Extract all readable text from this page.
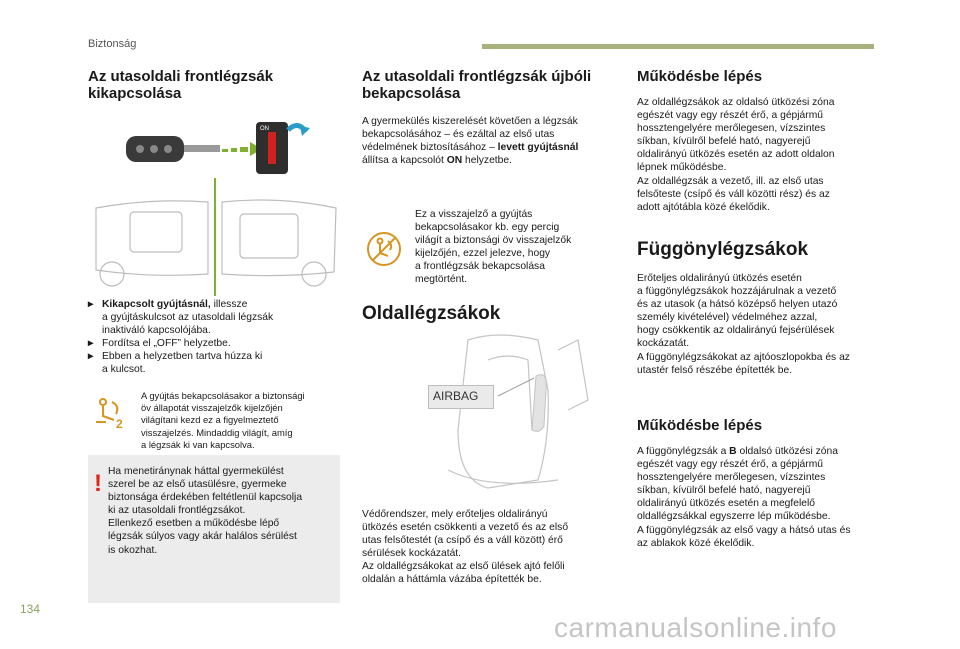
Biztonság
Az utasoldali frontlégzsák
kikapcsolása
ON
▸ Kikapcsolt gyújtásnál, illessze
a gyújtáskulcsot az utasoldali légzsák
inaktiváló kapcsolójába.
▸ Fordítsa el „OFF” helyzetbe.
▸ Ebben a helyzetben tartva húzza ki
a kulcsot.
2
A gyújtás bekapcsolásakor a biztonsági
öv állapotát visszajelzők kijelzőjén
világítani kezd ez a figyelmeztető
visszajelzés. Mindaddig világít, amíg
a légzsák ki van kapcsolva.
! Ha menetiránynak háttal gyermekülést
szerel be az első utasülésre, gyermeke
biztonsága érdekében feltétlenül kapcsolja
ki az utasoldali frontlégzsákot.
Ellenkező esetben a működésbe lépő
légzsák súlyos vagy akár halálos sérülést
is okozhat.
Az utasoldali frontlégzsák újbóli
bekapcsolása
A gyermekülés kiszerelését követően a légzsák
bekapcsolásához – és ezáltal az első utas
védelmének biztosításához – levett gyújtásnál
állítsa a kapcsolót ON helyzetbe.
Ez a visszajelző a gyújtás
bekapcsolásakor kb. egy percig
világít a biztonsági öv visszajelzők
kijelzőjén, ezzel jelezve, hogy
a frontlégzsák bekapcsolása
megtörtént.
Oldallégzsákok
AIRBAG
Védőrendszer, mely erőteljes oldalirányú
ütközés esetén csökkenti a vezető és az első
utas felsőtestét (a csípő és a váll között) érő
sérülések kockázatát.
Az oldallégzsákokat az első ülések ajtó felőli
oldalán a háttámla vázába építették be.
Működésbe lépés
Az oldallégzsákok az oldalsó ütközési zóna
egészét vagy egy részét érő, a gépjármű
hossztengelyére merőlegesen, vízszintes
síkban, kívülről befelé ható, nagyerejű
oldalirányú ütközés esetén az adott oldalon
lépnek működésbe.
Az oldallégzsák a vezető, ill. az első utas
felsőteste (csípő és váll közötti rész) és az
adott ajtótábla közé ékelődik.
Függönylégzsákok
Erőteljes oldalirányú ütközés esetén
a függönylégzsákok hozzájárulnak a vezető
és az utasok (a hátsó középső helyen utazó
személy kivételével) védelméhez azzal,
hogy csökkentik az oldalirányú fejsérülések
kockázatát.
A függönylégzsákokat az ajtóoszlopokba és az
utastér felső részébe építették be.
Működésbe lépés
A függönylégzsák a B oldalsó ütközési zóna
egészét vagy egy részét érő, a gépjármű
hossztengelyére merőlegesen, vízszintes
síkban, kívülről befelé ható, nagyerejű
oldalirányú ütközés esetén a megfelelő
oldallégzsákkal egyszerre lép működésbe.
A függönylégzsák az első vagy a hátsó utas és
az ablakok közé ékelődik.
134
carmanualsonline.info
